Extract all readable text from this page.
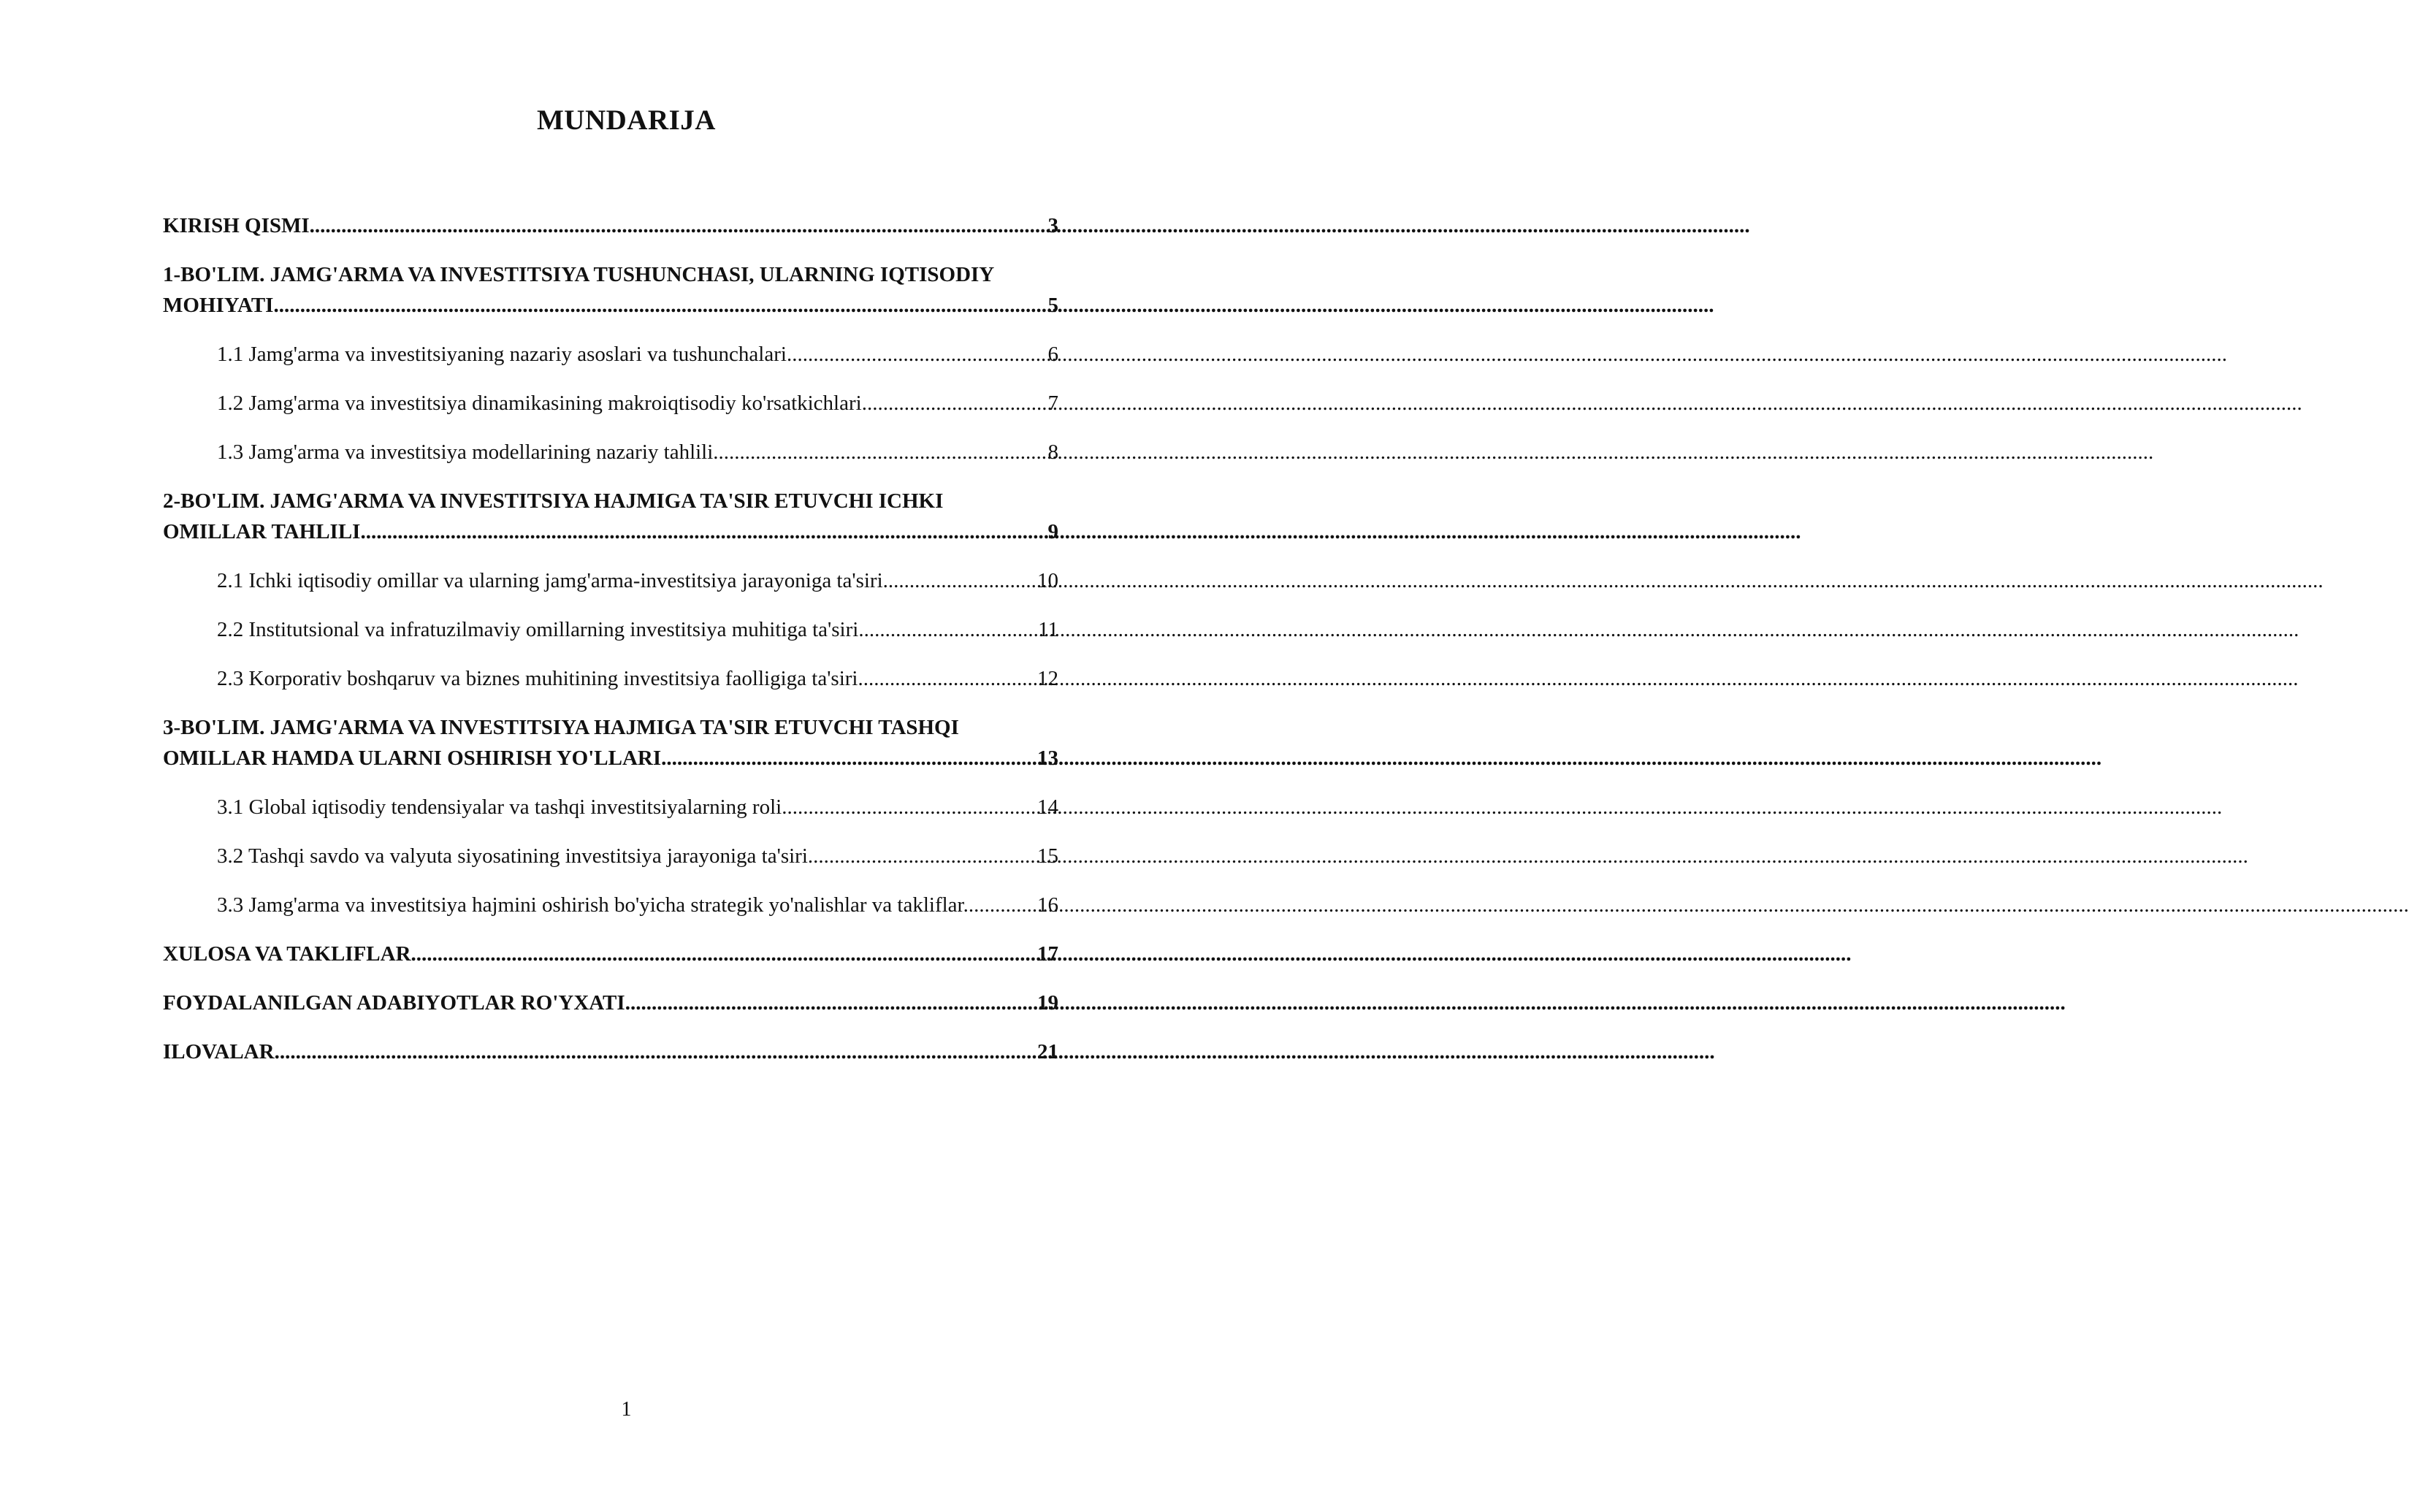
MUNDARIJA
KIRISH QISMI .....	3
1-BO'LIM. JAMG'ARMA VA INVESTITSIYA TUSHUNCHASI, ULARNING IQTISODIY
MOHIYATI .....	5
1.1 Jamg'arma va investitsiyaning nazariy asoslari va tushunchalari .....	6
1.2 Jamg'arma va investitsiya dinamikasining makroiqtisodiy ko'rsatkichlari .....	7
1.3 Jamg'arma va investitsiya modellarining nazariy tahlili .....	8
2-BO'LIM. JAMG'ARMA VA INVESTITSIYA HAJMIGA TA'SIR ETUVCHI ICHKI
OMILLAR TAHLILI .....	9
2.1 Ichki iqtisodiy omillar va ularning jamg'arma-investitsiya jarayoniga ta'siri .....	10
2.2 Institutsional va infratuzilmaviy omillarning investitsiya muhitiga ta'siri .....	11
2.3 Korporativ boshqaruv va biznes muhitining investitsiya faolligiga ta'siri .....	12
3-BO'LIM. JAMG'ARMA VA INVESTITSIYA HAJMIGA TA'SIR ETUVCHI TASHQI
OMILLAR HAMDA ULARNI OSHIRISH YO'LLARI .....	13
3.1 Global iqtisodiy tendensiyalar va tashqi investitsiyalarning roli .....	14
3.2 Tashqi savdo va valyuta siyosatining investitsiya jarayoniga ta'siri .....	15
3.3 Jamg'arma va investitsiya hajmini oshirish bo'yicha strategik yo'nalishlar va takliflar. .....	16
XULOSA VA TAKLIFLAR .....	17
FOYDALANILGAN ADABIYOTLAR RO'YXATI .....	19
ILOVALAR .....	21
1
